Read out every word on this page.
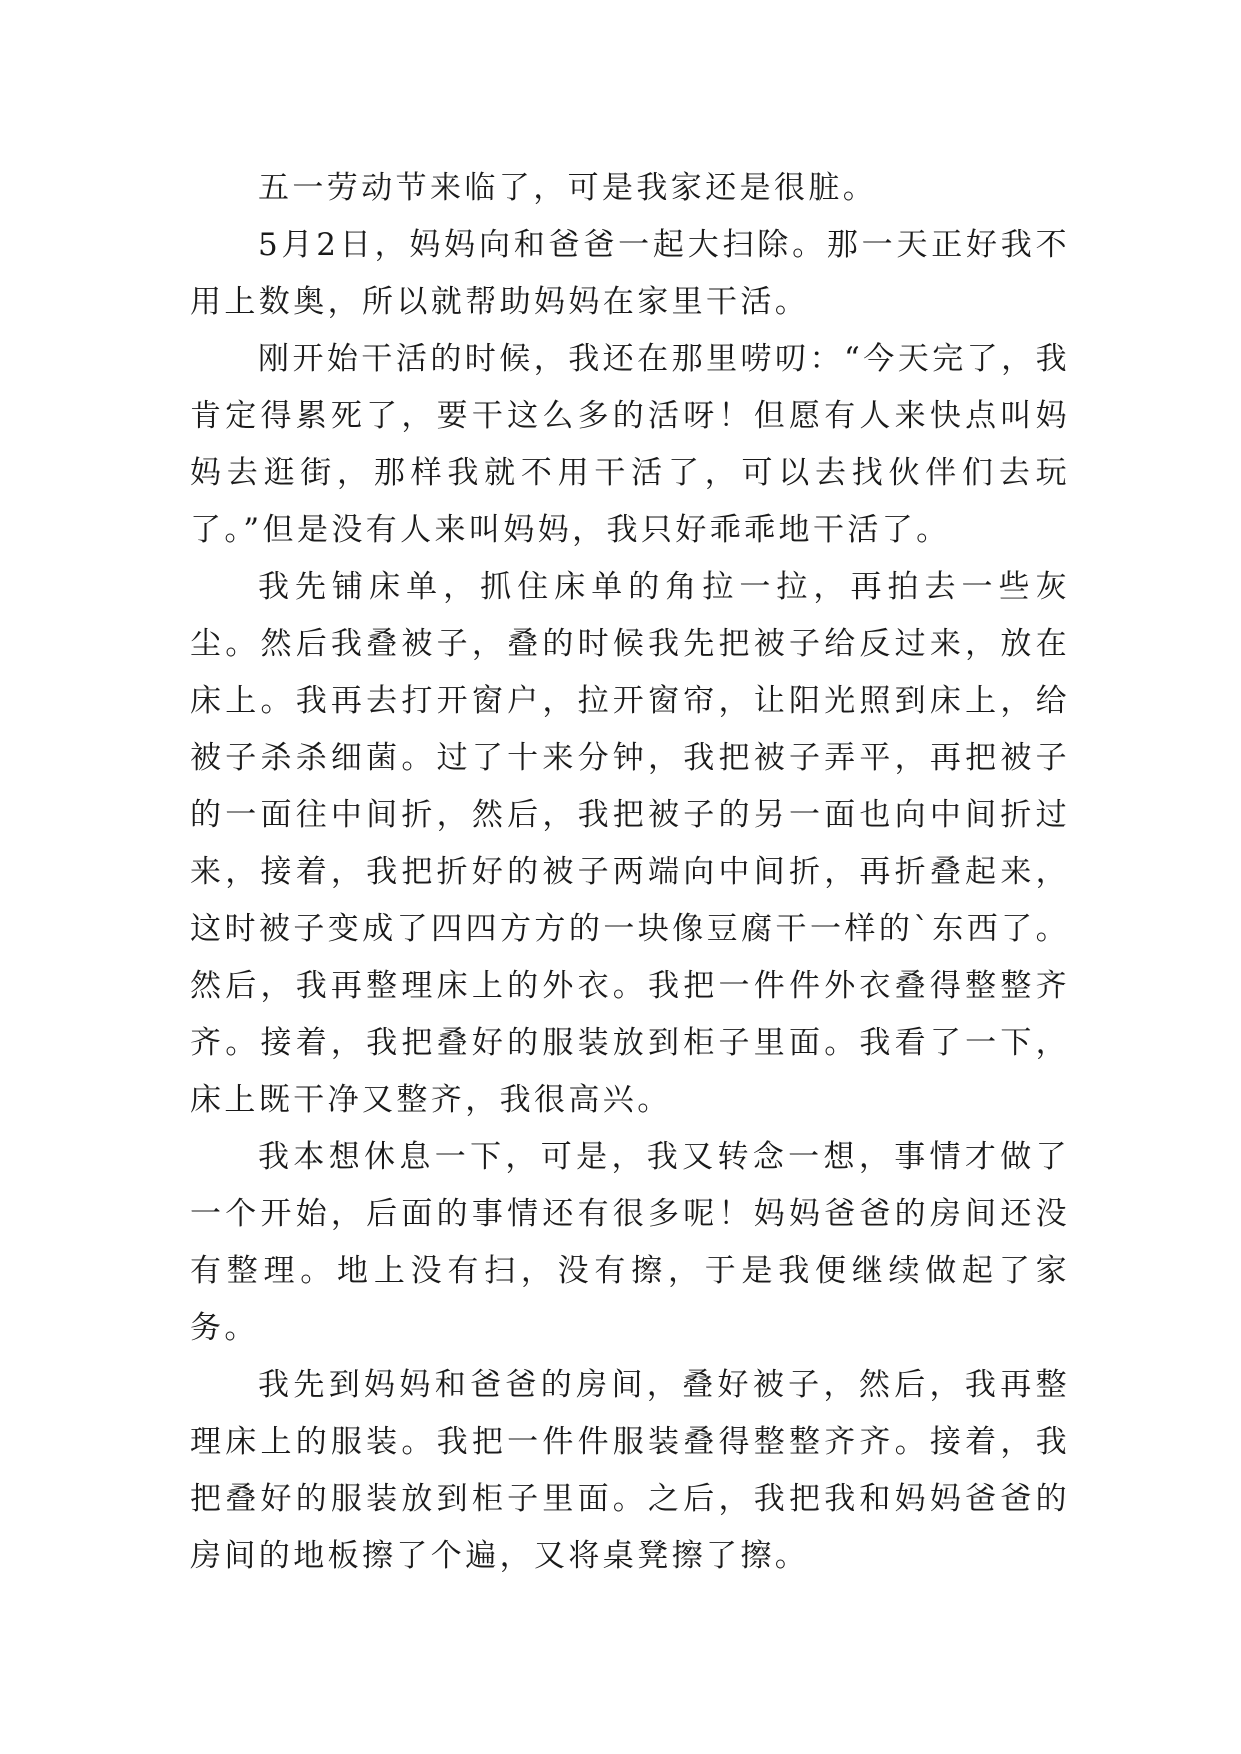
五一劳动节来临了，可是我家还是很脏。

5月2日，妈妈向和爸爸一起大扫除。那一天正好我不用上数奥，所以就帮助妈妈在家里干活。

刚开始干活的时候，我还在那里唠叨：“今天完了，我肯定得累死了，要干这么多的活呀！但愿有人来快点叫妈妈去逛街，那样我就不用干活了，可以去找伙伴们去玩了。”但是没有人来叫妈妈，我只好乖乖地干活了。

我先铺床单，抓住床单的角拉一拉，再拍去一些灰尘。然后我叠被子，叠的时候我先把被子给反过来，放在床上。我再去打开窗户，拉开窗帘，让阳光照到床上，给被子杀杀细菌。过了十来分钟，我把被子弄平，再把被子的一面往中间折，然后，我把被子的另一面也向中间折过来，接着，我把折好的被子两端向中间折，再折叠起来，这时被子变成了四四方方的一块像豆腐干一样的`东西了。然后，我再整理床上的外衣。我把一件件外衣叠得整整齐齐。接着，我把叠好的服装放到柜子里面。我看了一下，床上既干净又整齐，我很高兴。

我本想休息一下，可是，我又转念一想，事情才做了一个开始，后面的事情还有很多呢！妈妈爸爸的房间还没有整理。地上没有扫，没有擦，于是我便继续做起了家务。

我先到妈妈和爸爸的房间，叠好被子，然后，我再整理床上的服装。我把一件件服装叠得整整齐齐。接着，我把叠好的服装放到柜子里面。之后，我把我和妈妈爸爸的房间的地板擦了个遍，又将桌凳擦了擦。
